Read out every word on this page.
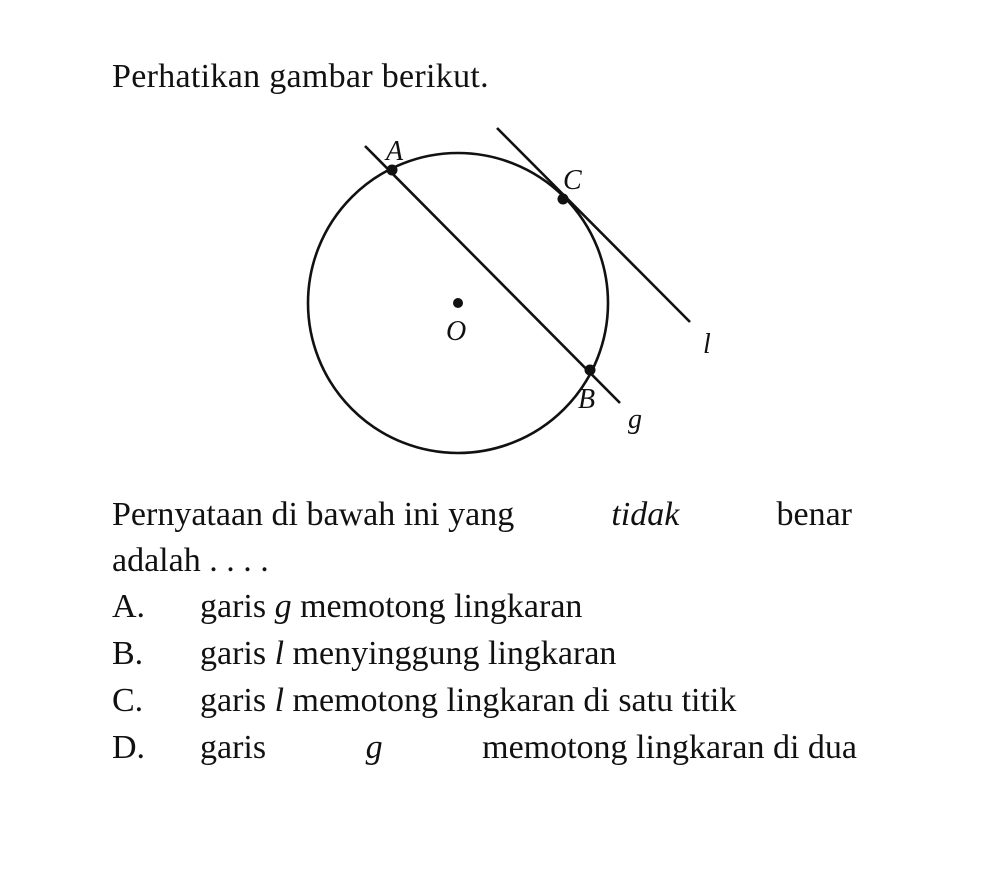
Perhatikan gambar berikut.
O
A
C
B
l
g
Pernyataan di bawah ini yang	tidak	benar
adalah . . . .
A. garis g memotong lingkaran
B. garis l menyinggung lingkaran
C. garis l memotong lingkaran di satu titik
D. garis	g	memotong lingkaran di dua
